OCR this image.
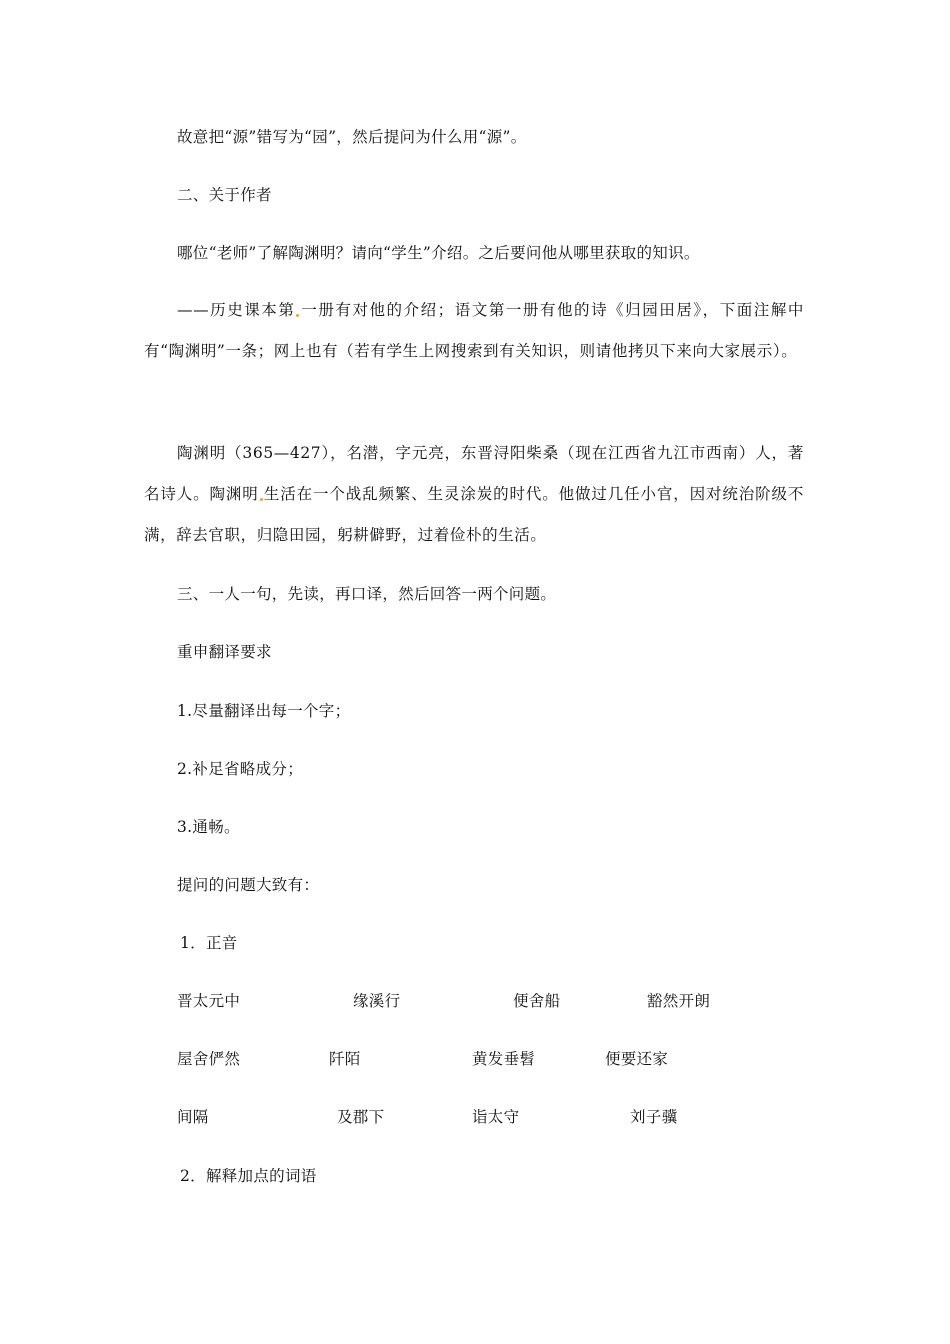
故意把“源”错写为“园”，然后提问为什么用“源”。
二、关于作者
哪位“老师”了解陶渊明？请向“学生”介绍。之后要问他从哪里获取的知识。
——历史课本第 一册有对他的介绍；语文第一册有他的诗《归园田居》，下面注解中有“陶渊明”一条；网上也有（若有学生上网搜索到有关知识，则请他拷贝下来向大家展示）。
陶渊明（365—427），名潜，字元亮，东晋浔阳柴桑（现在江西省九江市西南）人，著名诗人。陶渊明 生活在一个战乱频繁、生灵涂炭的时代。他做过几任小官，因对统治阶级不满，辞去官职，归隐田园，躬耕僻野，过着俭朴的生活。
三、一人一句，先读，再口译，然后回答一两个问题。
重申翻译要求
1.尽量翻译出每一个字；
2.补足省略成分；
3.通畅。
提问的问题大致有：
1．正音
晋太元中	缘溪行	便舍船	豁然开朗
屋舍俨然	阡陌	黄发垂髫	便要还家
间隔	及郡下	诣太守	刘子骥
2．解释加点的词语
